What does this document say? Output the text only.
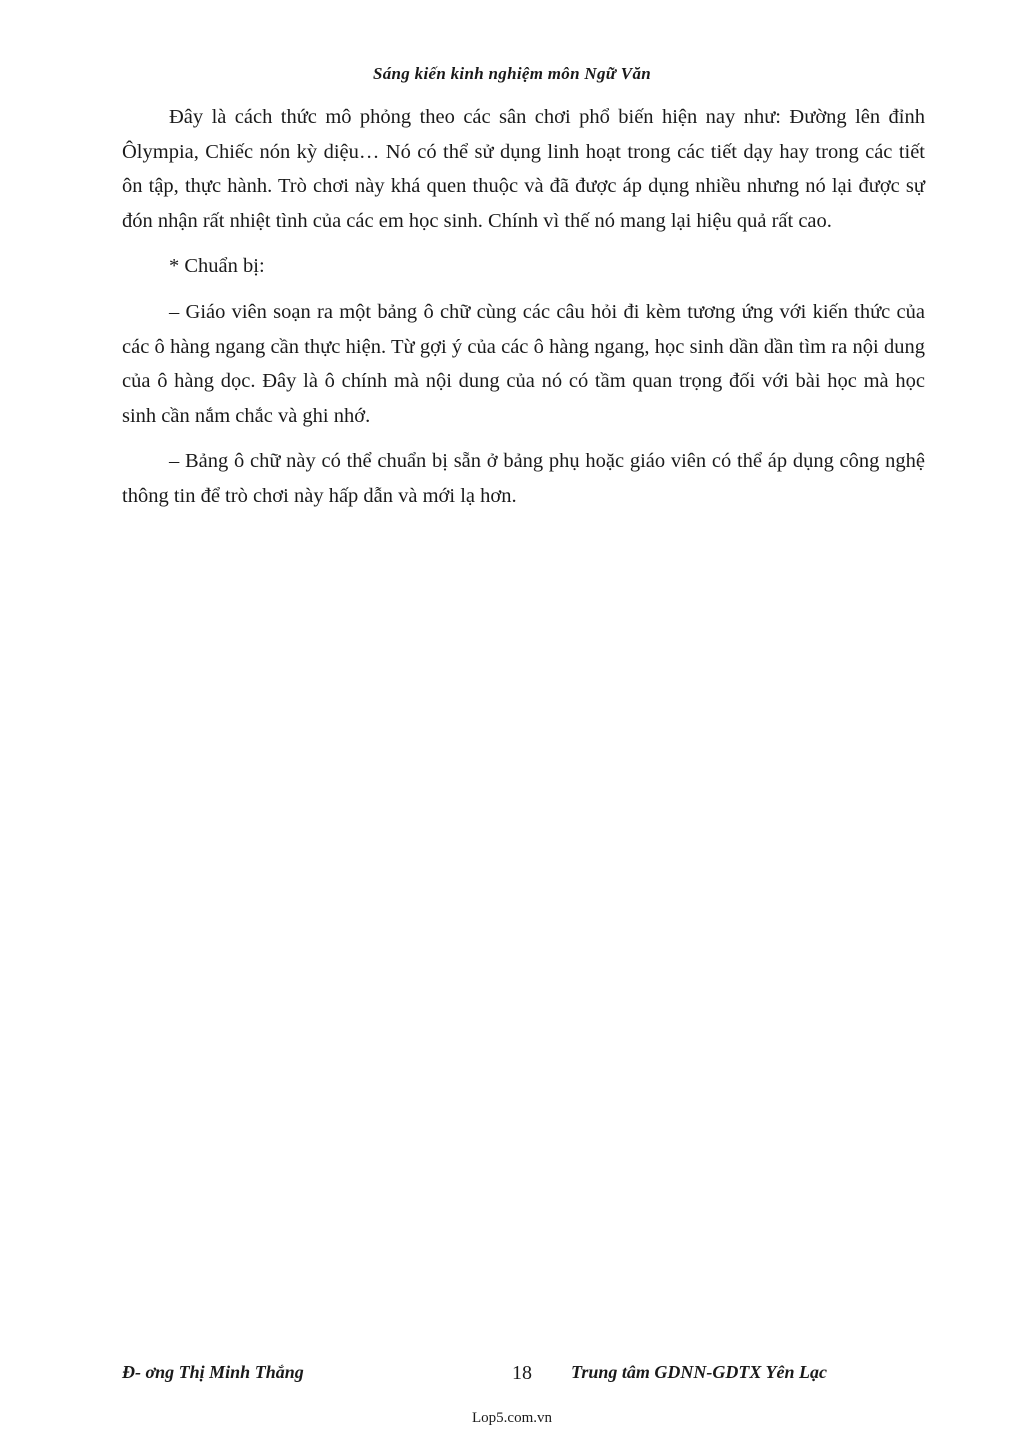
Sáng kiến kinh nghiệm môn Ngữ Văn

Đây là cách thức mô phỏng theo các sân chơi phổ biến hiện nay như: Đường lên đỉnh Ôlympia, Chiếc nón kỳ diệu… Nó có thể sử dụng linh hoạt trong các tiết dạy hay trong các tiết ôn tập, thực hành. Trò chơi này khá quen thuộc và đã được áp dụng nhiều nhưng nó lại được sự đón nhận rất nhiệt tình của các em học sinh. Chính vì thế nó mang lại hiệu quả rất cao.

* Chuẩn bị:

– Giáo viên soạn ra một bảng ô chữ cùng các câu hỏi đi kèm tương ứng với kiến thức của các ô hàng ngang cần thực hiện. Từ gợi ý của các ô hàng ngang, học sinh dần dần tìm ra nội dung của ô hàng dọc. Đây là ô chính mà nội dung của nó có tầm quan trọng đối với bài học mà học sinh cần nắm chắc và ghi nhớ.

– Bảng ô chữ này có thể chuẩn bị sẵn ở bảng phụ hoặc giáo viên có thể áp dụng công nghệ thông tin để trò chơi này hấp dẫn và mới lạ hơn.

Đ- ơng Thị Minh Thắng	18 Trung tâm GDNN-GDTX Yên Lạc
Lop5.com.vn
